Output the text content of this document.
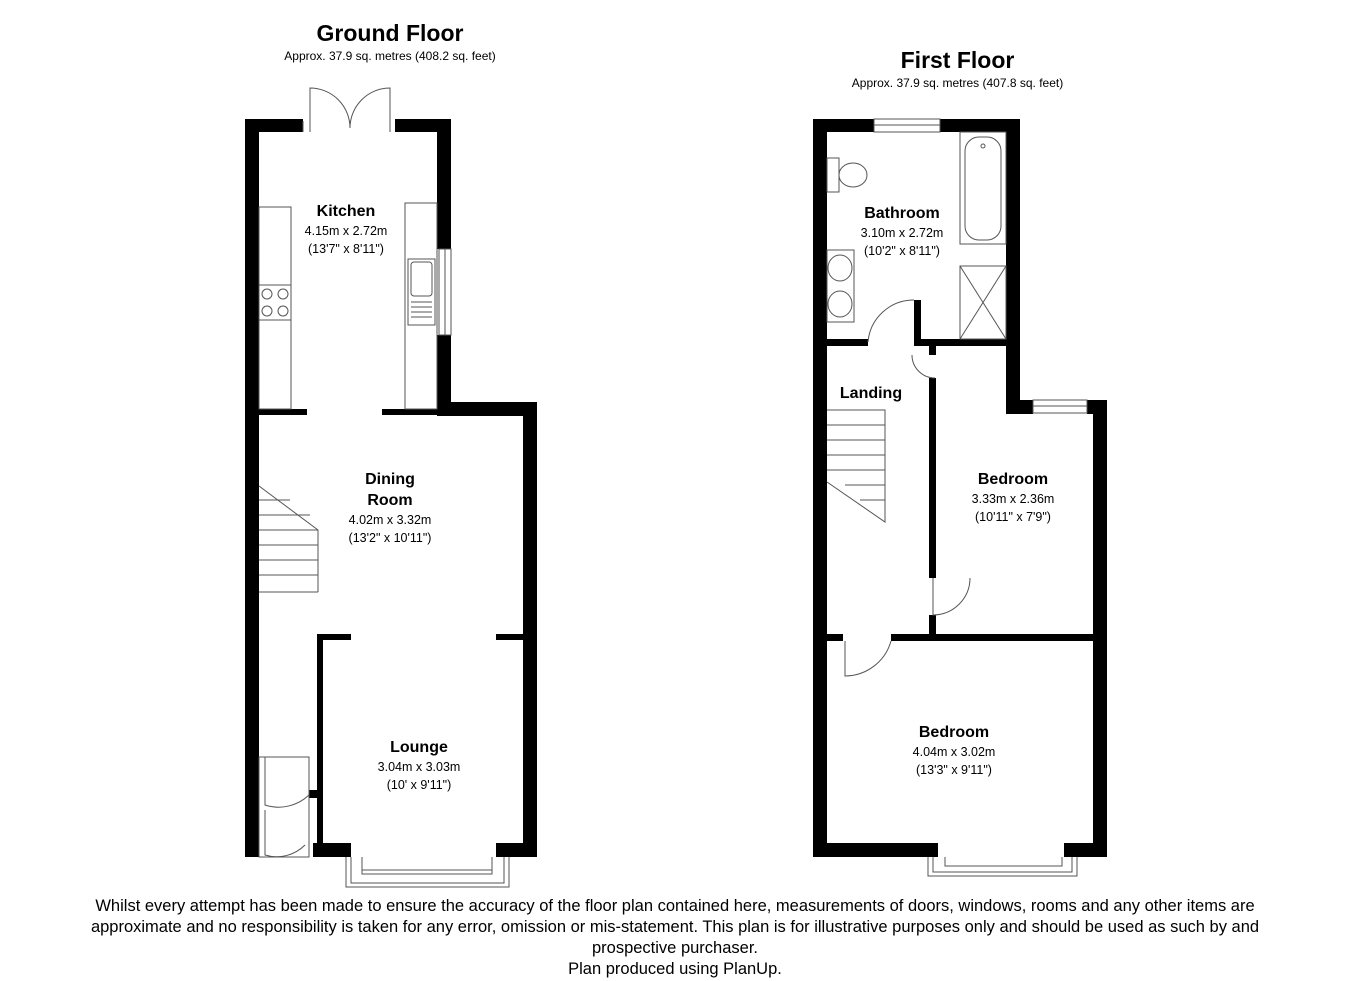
Ground Floor
Approx. 37.9 sq. metres (408.2 sq. feet)	First Floor
Approx. 37.9 sq. metres (407.8 sq. feet)
Kitchen
4.15m x 2.72m
(13'7" x 8'11")
Dining
Room
4.02m x 3.32m
(13'2" x 10'11")
Lounge
3.04m x 3.03m
(10' x 9'11")
Bathroom
3.10m x 2.72m
(10'2" x 8'11")
Landing
Bedroom
3.33m x 2.36m
(10'11" x 7'9")
Bedroom
4.04m x 3.02m
(13'3" x 9'11")
Whilst every attempt has been made to ensure the accuracy of the floor plan contained here, measurements of doors, windows, rooms and any other items are
approximate and no responsibility is taken for any error, omission or mis-statement. This plan is for illustrative purposes only and should be used as such by and
prospective purchaser.
Plan produced using PlanUp.
